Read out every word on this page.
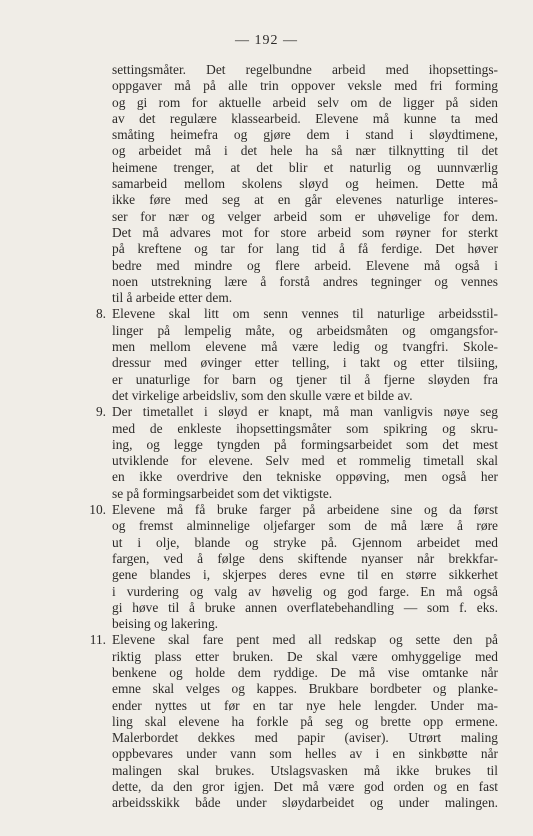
— 192 —
settingsmåter. Det regelbundne arbeid med ihopsettings-
oppgaver må på alle trin oppover veksle med fri forming
og gi rom for aktuelle arbeid selv om de ligger på siden
av det regulære klassearbeid. Elevene må kunne ta med
småting heimefra og gjøre dem i stand i sløydtimene,
og arbeidet må i det hele ha så nær tilknytting til det
heimene trenger, at det blir et naturlig og uunnværlig
samarbeid mellom skolens sløyd og heimen. Dette må
ikke føre med seg at en går elevenes naturlige interes-
ser for nær og velger arbeid som er uhøvelige for dem.
Det må advares mot for store arbeid som røyner for sterkt
på kreftene og tar for lang tid å få ferdige. Det høver
bedre med mindre og flere arbeid. Elevene må også i
noen utstrekning lære å forstå andres tegninger og vennes
til å arbeide etter dem.
8. Elevene skal litt om senn vennes til naturlige arbeidsstil-
linger på lempelig måte, og arbeidsmåten og omgangsfor-
men mellom elevene må være ledig og tvangfri. Skole-
dressur med øvinger etter telling, i takt og etter tilsiing,
er unaturlige for barn og tjener til å fjerne sløyden fra
det virkelige arbeidsliv, som den skulle være et bilde av.
9. Der timetallet i sløyd er knapt, må man vanligvis nøye seg
med de enkleste ihopsettingsmåter som spikring og skru-
ing, og legge tyngden på formingsarbeidet som det mest
utviklende for elevene. Selv med et rommelig timetall skal
en ikke overdrive den tekniske oppøving, men også her
se på formingsarbeidet som det viktigste.
10. Elevene må få bruke farger på arbeidene sine og da først
og fremst alminnelige oljefarger som de må lære å røre
ut i olje, blande og stryke på. Gjennom arbeidet med
fargen, ved å følge dens skiftende nyanser når brekkfar-
gene blandes i, skjerpes deres evne til en større sikkerhet
i vurdering og valg av høvelig og god farge. En må også
gi høve til å bruke annen overflatebehandling — som f. eks.
beising og lakering.
11. Elevene skal fare pent med all redskap og sette den på
riktig plass etter bruken. De skal være omhyggelige med
benkene og holde dem ryddige. De må vise omtanke når
emne skal velges og kappes. Brukbare bordbeter og planke-
ender nyttes ut før en tar nye hele lengder. Under ma-
ling skal elevene ha forkle på seg og brette opp ermene.
Malerbordet dekkes med papir (aviser). Utrørt maling
oppbevares under vann som helles av i en sinkbøtte når
malingen skal brukes. Utslagsvasken må ikke brukes til
dette, da den gror igjen. Det må være god orden og en fast
arbeidsskikk både under sløydarbeidet og under malingen.
